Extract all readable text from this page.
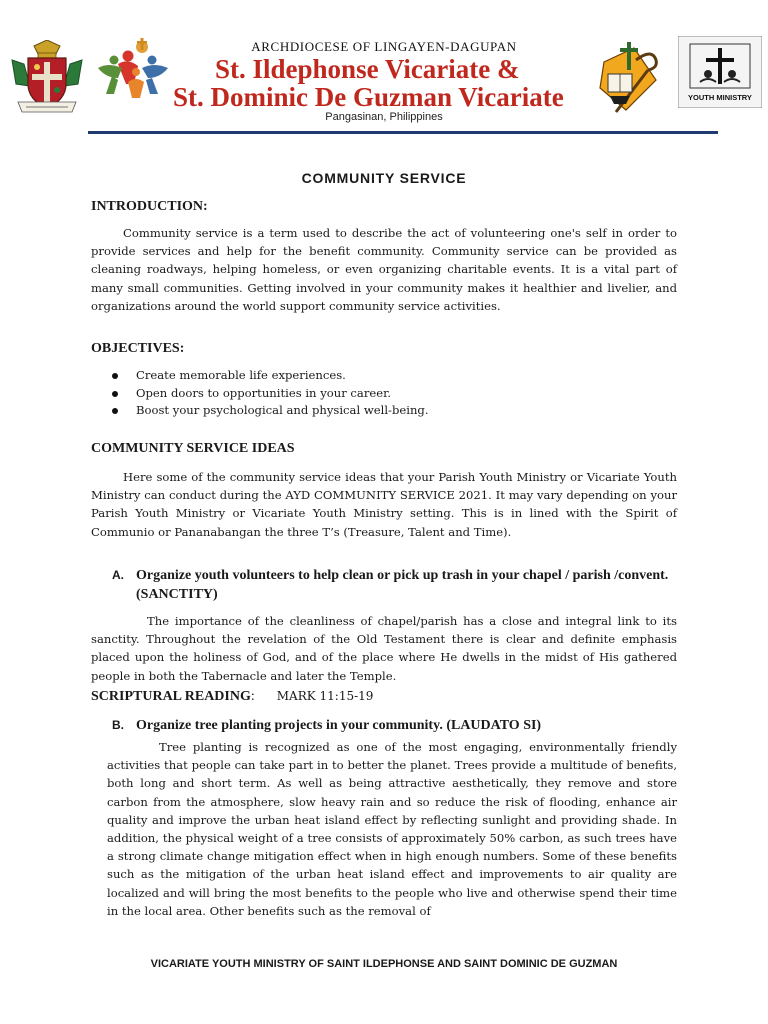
ARCHDIOCESE OF LINGAYEN-DAGUPAN
St. Ildephonse Vicariate &
St. Dominic De Guzman Vicariate
Pangasinan, Philippines
YOUTH MINISTRY
COMMUNITY SERVICE
INTRODUCTION:

Community service is a term used to describe the act of volunteering one's self in order to provide services and help for the benefit community. Community service can be provided as cleaning roadways, helping homeless, or even organizing charitable events. It is a vital part of many small communities. Getting involved in your community makes it healthier and livelier, and organizations around the world support community service activities.

OBJECTIVES:
Create memorable life experiences.
Open doors to opportunities in your career.
Boost your psychological and physical well-being.
COMMUNITY SERVICE IDEAS

Here some of the community service ideas that your Parish Youth Ministry or Vicariate Youth Ministry can conduct during the AYD COMMUNITY SERVICE 2021. It may vary depending on your Parish Youth Ministry or Vicariate Youth Ministry setting. This is in lined with the Spirit of Communio or Pananabangan the three T’s (Treasure, Talent and Time).

A. Organize youth volunteers to help clean or pick up trash in your chapel / parish /convent. (SANCTITY)

The importance of the cleanliness of chapel/parish has a close and integral link to its sanctity. Throughout the revelation of the Old Testament there is clear and definite emphasis placed upon the holiness of God, and of the place where He dwells in the midst of His gathered people in both the Tabernacle and later the Temple.

SCRIPTURAL READING: MARK 11:15-19
B. Organize tree planting projects in your community. (LAUDATO SI)

Tree planting is recognized as one of the most engaging, environmentally friendly activities that people can take part in to better the planet. Trees provide a multitude of benefits, both long and short term. As well as being attractive aesthetically, they remove and store carbon from the atmosphere, slow heavy rain and so reduce the risk of flooding, enhance air quality and improve the urban heat island effect by reflecting sunlight and providing shade. In addition, the physical weight of a tree consists of approximately 50% carbon, as such trees have a strong climate change mitigation effect when in high enough numbers. Some of these benefits such as the mitigation of the urban heat island effect and improvements to air quality are localized and will bring the most benefits to the people who live and otherwise spend their time in the local area. Other benefits such as the removal of

VICARIATE YOUTH MINISTRY OF SAINT ILDEPHONSE AND SAINT DOMINIC DE GUZMAN
